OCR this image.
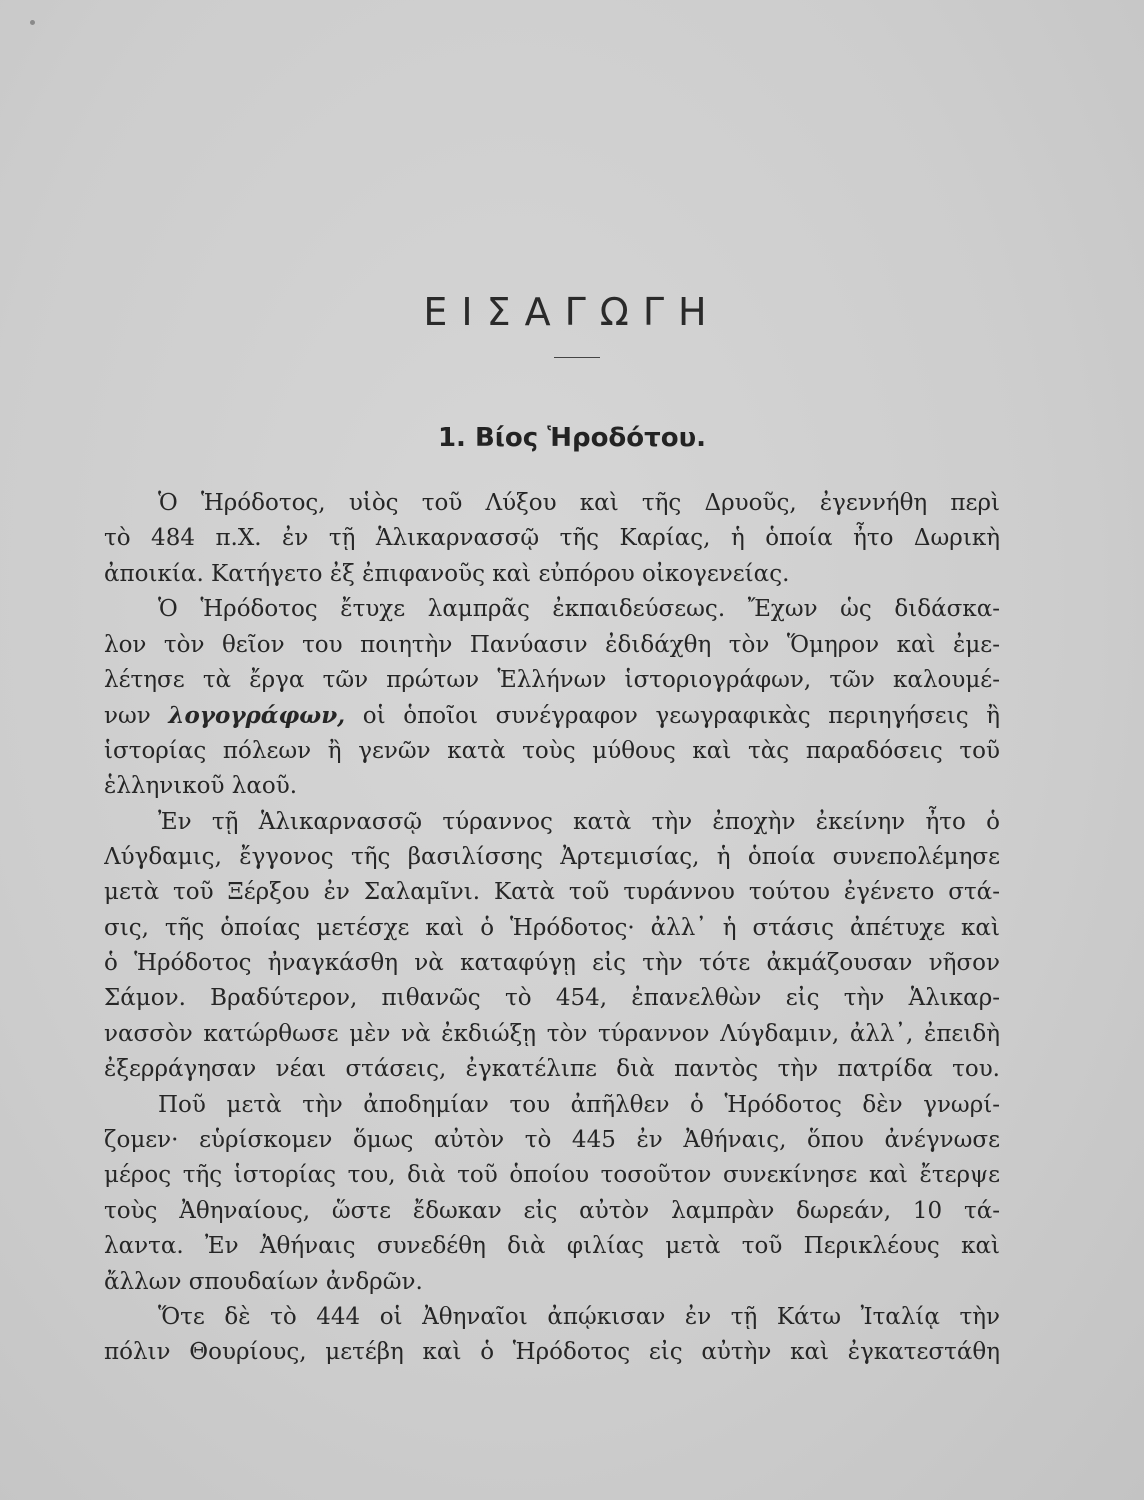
ΕΙΣΑΓΩΓΗ
1. Βίος Ἡροδότου.
Ὁ Ἡρόδοτος, υἱὸς τοῦ Λύξου καὶ τῆς Δρυοῦς, ἐγεννήθη περὶ
τὸ 484 π.Χ. ἐν τῇ Ἁλικαρνασσῷ τῆς Καρίας, ἡ ὁποία ἦτο Δωρικὴ
ἀποικία. Κατήγετο ἐξ ἐπιφανοῦς καὶ εὐπόρου οἰκογενείας.
Ὁ Ἡρόδοτος ἔτυχε λαμπρᾶς ἐκπαιδεύσεως. Ἔχων ὡς διδάσκα-
λον τὸν θεῖον του ποιητὴν Πανύασιν ἐδιδάχθη τὸν Ὅμηρον καὶ ἐμε-
λέτησε τὰ ἔργα τῶν πρώτων Ἑλλήνων ἱστοριογράφων, τῶν καλουμέ-
νων λογογράφων, οἱ ὁποῖοι συνέγραφον γεωγραφικὰς περιηγήσεις ἢ
ἱστορίας πόλεων ἢ γενῶν κατὰ τοὺς μύθους καὶ τὰς παραδόσεις τοῦ
ἑλληνικοῦ λαοῦ.
Ἐν τῇ Ἁλικαρνασσῷ τύραννος κατὰ τὴν ἐποχὴν ἐκείνην ἦτο ὁ
Λύγδαμις, ἔγγονος τῆς βασιλίσσης Ἀρτεμισίας, ἡ ὁποία συνεπολέμησε
μετὰ τοῦ Ξέρξου ἐν Σαλαμῖνι. Κατὰ τοῦ τυράννου τούτου ἐγένετο στά-
σις, τῆς ὁποίας μετέσχε καὶ ὁ Ἡρόδοτος· ἀλλ᾿ ἡ στάσις ἀπέτυχε καὶ
ὁ Ἡρόδοτος ἠναγκάσθη νὰ καταφύγῃ εἰς τὴν τότε ἀκμάζουσαν νῆσον
Σάμον. Βραδύτερον, πιθανῶς τὸ 454, ἐπανελθὼν εἰς τὴν Ἁλικαρ-
νασσὸν κατώρθωσε μὲν νὰ ἐκδιώξῃ τὸν τύραννον Λύγδαμιν, ἀλλ᾿, ἐπειδὴ
ἐξερράγησαν νέαι στάσεις, ἐγκατέλιπε διὰ παντὸς τὴν πατρίδα του.
Ποῦ μετὰ τὴν ἀποδημίαν του ἀπῆλθεν ὁ Ἡρόδοτος δὲν γνωρί-
ζομεν· εὑρίσκομεν ὅμως αὐτὸν τὸ 445 ἐν Ἀθήναις, ὅπου ἀνέγνωσε
μέρος τῆς ἱστορίας του, διὰ τοῦ ὁποίου τοσοῦτον συνεκίνησε καὶ ἔτερψε
τοὺς Ἀθηναίους, ὥστε ἔδωκαν εἰς αὐτὸν λαμπρὰν δωρεάν, 10 τά-
λαντα. Ἐν Ἀθήναις συνεδέθη διὰ φιλίας μετὰ τοῦ Περικλέους καὶ
ἄλλων σπουδαίων ἀνδρῶν.
Ὅτε δὲ τὸ 444 οἱ Ἀθηναῖοι ἀπῴκισαν ἐν τῇ Κάτω Ἰταλίᾳ τὴν
πόλιν Θουρίους, μετέβη καὶ ὁ Ἡρόδοτος εἰς αὐτὴν καὶ ἐγκατεστάθη
